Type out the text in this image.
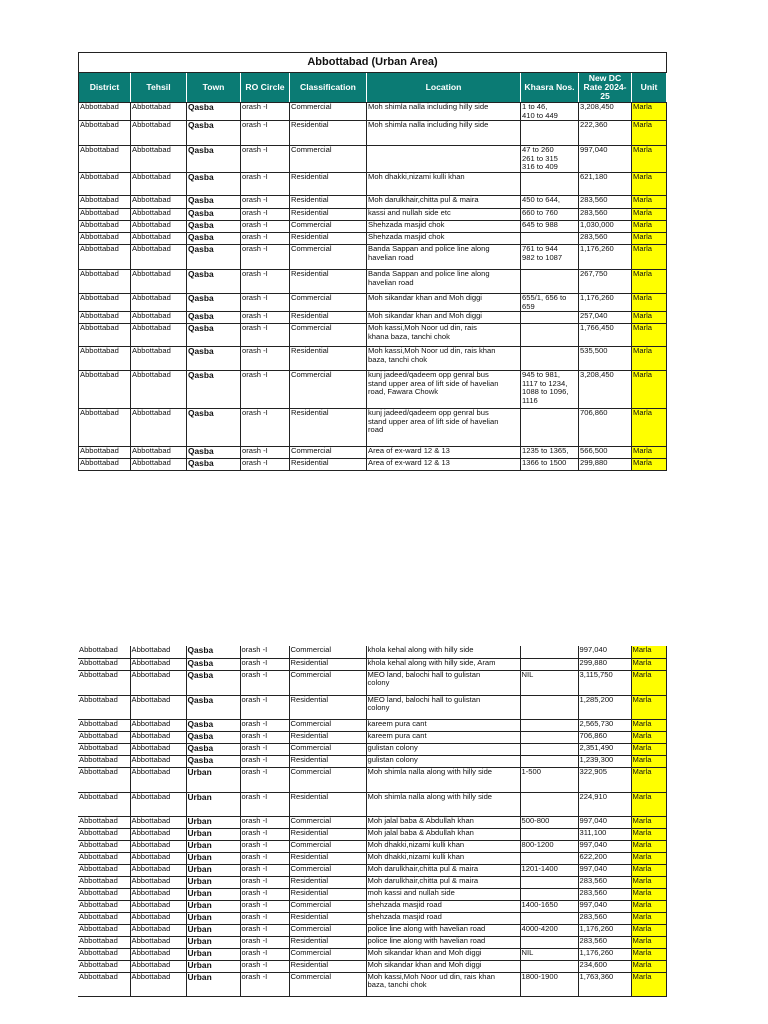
Abbottabad (Urban Area)								
District	Tehsil	Town	RO Circle	Classification	Location	Khasra Nos.	New DC Rate 2024-25	Unit
Abbottabad	Abbottabad	Qasba	orash -I	Commercial	Moh shimla nalla including hilly side	1 to 46,
410 to 449	3,208,450	Marla
Abbottabad	Abbottabad	Qasba	orash -I	Residential	Moh shimla nalla including hilly side		222,360	Marla
Abbottabad	Abbottabad	Qasba	orash -I	Commercial		47 to 260
261 to 315
316 to 409	997,040	Marla
Abbottabad	Abbottabad	Qasba	orash -I	Residential	Moh dhakki,nizami kulli khan		621,180	Marla
Abbottabad	Abbottabad	Qasba	orash -I	Residential	Moh darulkhair,chitta pul & maira	450 to 644,	283,560	Marla
Abbottabad	Abbottabad	Qasba	orash -I	Residential	kassi and nullah side etc	660 to 760	283,560	Marla
Abbottabad	Abbottabad	Qasba	orash -I	Commercial	Shehzada masjid chok	645 to 988	1,030,000	Marla
Abbottabad	Abbottabad	Qasba	orash -I	Residential	Shehzada masjid chok		283,560	Marla
Abbottabad	Abbottabad	Qasba	orash -I	Commercial	Banda Sappan and police line along
havelian road	761 to 944
982 to 1087	1,176,260	Marla
Abbottabad	Abbottabad	Qasba	orash -I	Residential	Banda Sappan and police line along
havelian road		267,750	Marla
Abbottabad	Abbottabad	Qasba	orash -I	Commercial	Moh sikandar khan and Moh diggi	655/1, 656 to
659	1,176,260	Marla
Abbottabad	Abbottabad	Qasba	orash -I	Residential	Moh sikandar khan and Moh diggi		257,040	Marla
Abbottabad	Abbottabad	Qasba	orash -I	Commercial	Moh kassi,Moh Noor ud din, rais
khana baza, tanchi chok		1,766,450	Marla
Abbottabad	Abbottabad	Qasba	orash -I	Residential	Moh kassi,Moh Noor ud din, rais khan
baza, tanchi chok		535,500	Marla
Abbottabad	Abbottabad	Qasba	orash -I	Commercial	kunj jadeed/qadeem opp genral bus
stand upper area of lift side of havelian
road, Fawara Chowk	945 to 981,
1117 to 1234,
1088 to 1096,
1116	3,208,450	Marla
Abbottabad	Abbottabad	Qasba	orash -I	Residential	kunj jadeed/qadeem opp genral bus
stand upper area of lift side of havelian
road		706,860	Marla
Abbottabad	Abbottabad	Qasba	orash -I	Commercial	Area of ex-ward 12 & 13	1235 to 1365,	566,500	Marla
Abbottabad	Abbottabad	Qasba	orash -I	Residential	Area of ex-ward 12 & 13	1366 to 1500	299,880	Marla
Abbottabad	Abbottabad	Qasba	orash -I	Commercial	khola kehal along with hilly side		997,040	Marla
Abbottabad	Abbottabad	Qasba	orash -I	Residential	khola kehal along with hilly side, Aram		299,880	Marla
Abbottabad	Abbottabad	Qasba	orash -I	Commercial	MEO land, balochi hall to gulistan
colony	NIL	3,115,750	Marla
Abbottabad	Abbottabad	Qasba	orash -I	Residential	MEO land, balochi hall to gulistan
colony		1,285,200	Marla
Abbottabad	Abbottabad	Qasba	orash -I	Commercial	kareem pura cant		2,565,730	Marla
Abbottabad	Abbottabad	Qasba	orash -I	Residential	kareem pura cant		706,860	Marla
Abbottabad	Abbottabad	Qasba	orash -I	Commercial	gulistan colony		2,351,490	Marla
Abbottabad	Abbottabad	Qasba	orash -I	Residential	gulistan colony		1,239,300	Marla
Abbottabad	Abbottabad	Urban	orash -I	Commercial	Moh shimla nalla along with hilly side	1-500	322,905	Marla
Abbottabad	Abbottabad	Urban	orash -I	Residential	Moh shimla nalla along with hilly side		224,910	Marla
Abbottabad	Abbottabad	Urban	orash -I	Commercial	Moh jalal baba & Abdullah khan	500-800	997,040	Marla
Abbottabad	Abbottabad	Urban	orash -I	Residential	Moh jalal baba & Abdullah khan		311,100	Marla
Abbottabad	Abbottabad	Urban	orash -I	Commercial	Moh dhakki,nizami kulli khan	800-1200	997,040	Marla
Abbottabad	Abbottabad	Urban	orash -I	Residential	Moh dhakki,nizami kulli khan		622,200	Marla
Abbottabad	Abbottabad	Urban	orash -I	Commercial	Moh darulkhair,chitta pul & maira	1201-1400	997,040	Marla
Abbottabad	Abbottabad	Urban	orash -I	Residential	Moh darulkhair,chitta pul & maira		283,560	Marla
Abbottabad	Abbottabad	Urban	orash -I	Residential	moh kassi and nullah side		283,560	Marla
Abbottabad	Abbottabad	Urban	orash -I	Commercial	shehzada masjid road	1400-1650	997,040	Marla
Abbottabad	Abbottabad	Urban	orash -I	Residential	shehzada masjid road		283,560	Marla
Abbottabad	Abbottabad	Urban	orash -I	Commercial	police line along with havelian road	4000-4200	1,176,260	Marla
Abbottabad	Abbottabad	Urban	orash -I	Residential	police line along with havelian road		283,560	Marla
Abbottabad	Abbottabad	Urban	orash -I	Commercial	Moh sikandar khan and Moh diggi	NIL	1,176,260	Marla
Abbottabad	Abbottabad	Urban	orash -I	Residential	Moh sikandar khan and Moh diggi		234,600	Marla
Abbottabad	Abbottabad	Urban	orash -I	Commercial	Moh kassi,Moh Noor ud din, rais khan
baza, tanchi chok	1800-1900	1,763,360	Marla
